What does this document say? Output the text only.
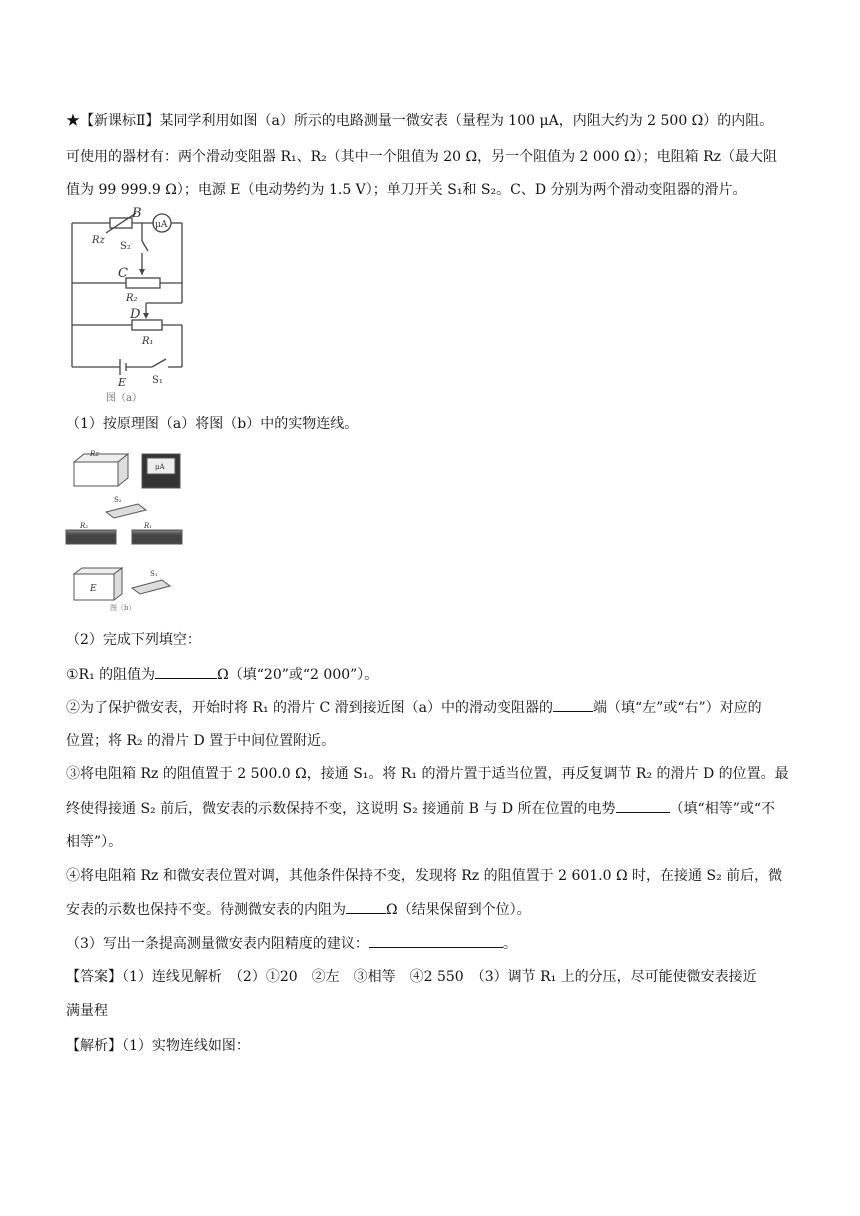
★【新课标Ⅱ】某同学利用如图（a）所示的电路测量一微安表（量程为 100 μA，内阻大约为 2 500 Ω）的内阻。
可使用的器材有：两个滑动变阻器 R₁、R₂（其中一个阻值为 20 Ω，另一个阻值为 2 000 Ω）；电阻箱 Rz（最大阻
值为 99 999.9 Ω）；电源 E（电动势约为 1.5 V）；单刀开关 S₁和 S₂。C、D 分别为两个滑动变阻器的滑片。
B
μA
Rz
S₂
C
R₂
D
R₁
E	S₁
图（a）
（1）按原理图（a）将图（b）中的实物连线。
Rz
μA
S₂
R₂	R₁
E
S₁
图（b）
（2）完成下列填空：
①R₁ 的阻值为	Ω（填“20”或“2 000”）。
②为了保护微安表，开始时将 R₁ 的滑片 C 滑到接近图（a）中的滑动变阻器的	端（填“左”或“右”）对应的
位置；将 R₂ 的滑片 D 置于中间位置附近。
③将电阻箱 Rz 的阻值置于 2 500.0 Ω，接通 S₁。将 R₁ 的滑片置于适当位置，再反复调节 R₂ 的滑片 D 的位置。最
终使得接通 S₂ 前后，微安表的示数保持不变，这说明 S₂ 接通前 B 与 D 所在位置的电势	（填“相等”或“不
相等”）。
④将电阻箱 Rz 和微安表位置对调，其他条件保持不变，发现将 Rz 的阻值置于 2 601.0 Ω 时，在接通 S₂ 前后，微
安表的示数也保持不变。待测微安表的内阻为	Ω（结果保留到个位）。
（3）写出一条提高测量微安表内阻精度的建议：	。
【答案】（1）连线见解析　（2）①20　②左　③相等　④2 550　（3）调节 R₁ 上的分压，尽可能使微安表接近
满量程
【解析】（1）实物连线如图：
